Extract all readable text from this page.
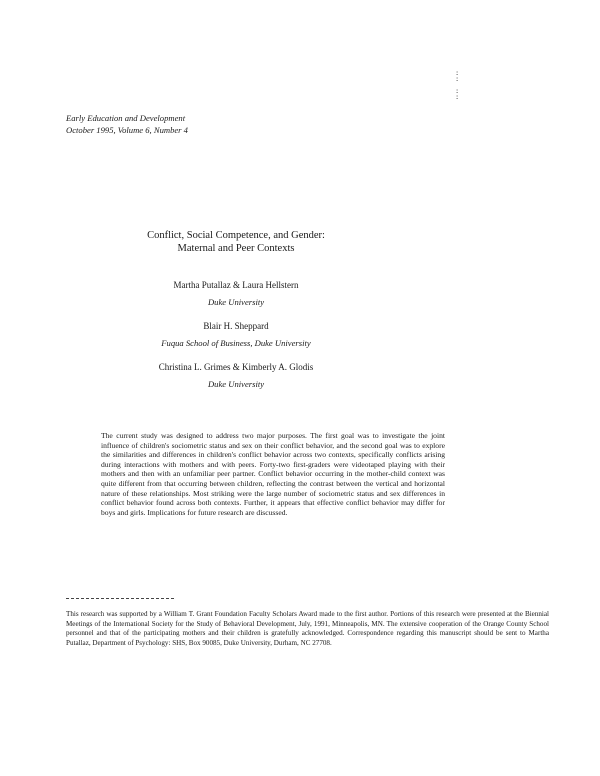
:
:

:
:
Early Education and Development
October 1995, Volume 6, Number 4
Conflict, Social Competence, and Gender:
Maternal and Peer Contexts
Martha Putallaz & Laura Hellstern
Duke University
Blair H. Sheppard
Fuqua School of Business, Duke University
Christina L. Grimes & Kimberly A. Glodis
Duke University
The current study was designed to address two major purposes. The first goal was to investigate the joint influence of children's sociometric status and sex on their conflict behavior, and the second goal was to explore the similarities and differences in children's conflict behavior across two contexts, specifically conflicts arising during interactions with mothers and with peers. Forty-two first-graders were videotaped playing with their mothers and then with an unfamiliar peer partner. Conflict behavior occurring in the mother-child context was quite different from that occurring between children, reflecting the contrast between the vertical and horizontal nature of these relationships. Most striking were the large number of sociometric status and sex differences in conflict behavior found across both contexts. Further, it appears that effective conflict behavior may differ for boys and girls. Implications for future research are discussed.
This research was supported by a William T. Grant Foundation Faculty Scholars Award made to the first author. Portions of this research were presented at the Biennial Meetings of the International Society for the Study of Behavioral Development, July, 1991, Minneapolis, MN. The extensive cooperation of the Orange County School personnel and that of the participating mothers and their children is gratefully acknowledged. Correspondence regarding this manuscript should be sent to Martha Putallaz, Department of Psychology: SHS, Box 90085, Duke University, Durham, NC 27708.
